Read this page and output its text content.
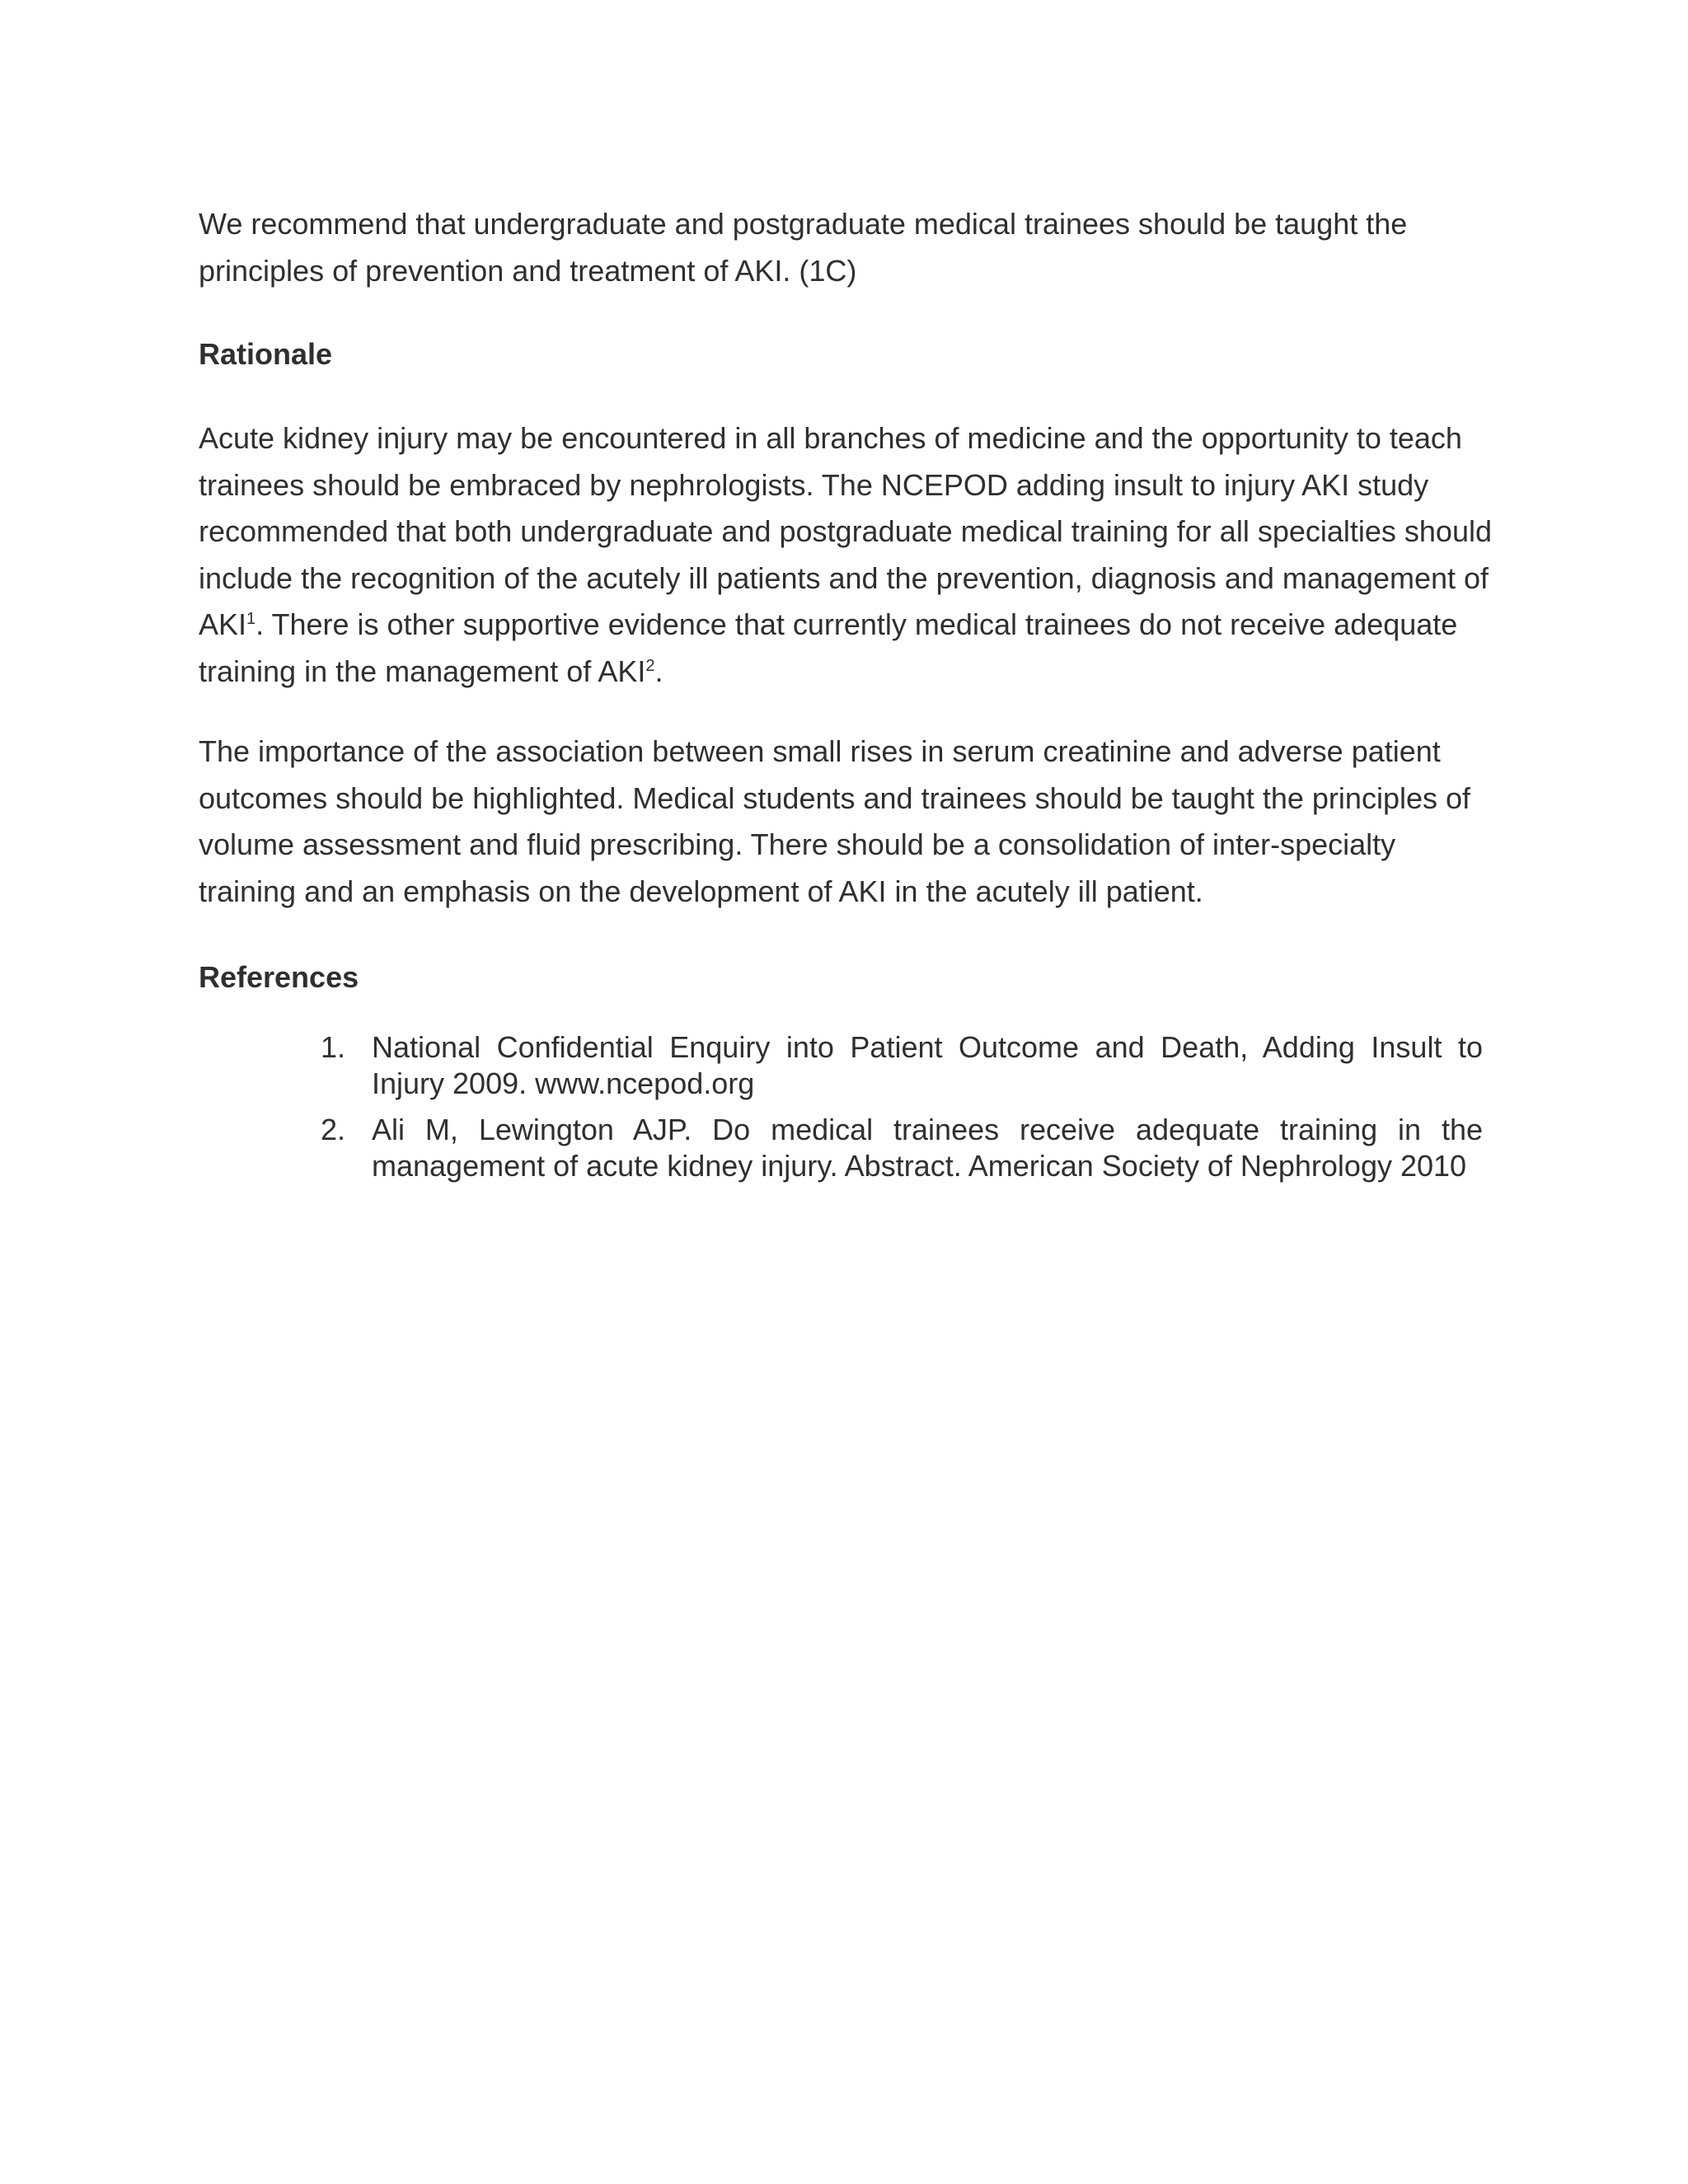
We recommend that undergraduate and postgraduate medical trainees should be taught the principles of prevention and treatment of AKI. (1C)

Rationale

Acute kidney injury may be encountered in all branches of medicine and the opportunity to teach trainees should be embraced by nephrologists. The NCEPOD adding insult to injury AKI study recommended that both undergraduate and postgraduate medical training for all specialties should include the recognition of the acutely ill patients and the prevention, diagnosis and management of AKI$^1$. There is other supportive evidence that currently medical trainees do not receive adequate training in the management of AKI$^2$.

The importance of the association between small rises in serum creatinine and adverse patient outcomes should be highlighted. Medical students and trainees should be taught the principles of volume assessment and fluid prescribing. There should be a consolidation of inter-specialty training and an emphasis on the development of AKI in the acutely ill patient.

References
1. National Confidential Enquiry into Patient Outcome and Death, Adding Insult to Injury 2009. www.ncepod.org
2. Ali M, Lewington AJP. Do medical trainees receive adequate training in the management of acute kidney injury. Abstract. American Society of Nephrology 2010
